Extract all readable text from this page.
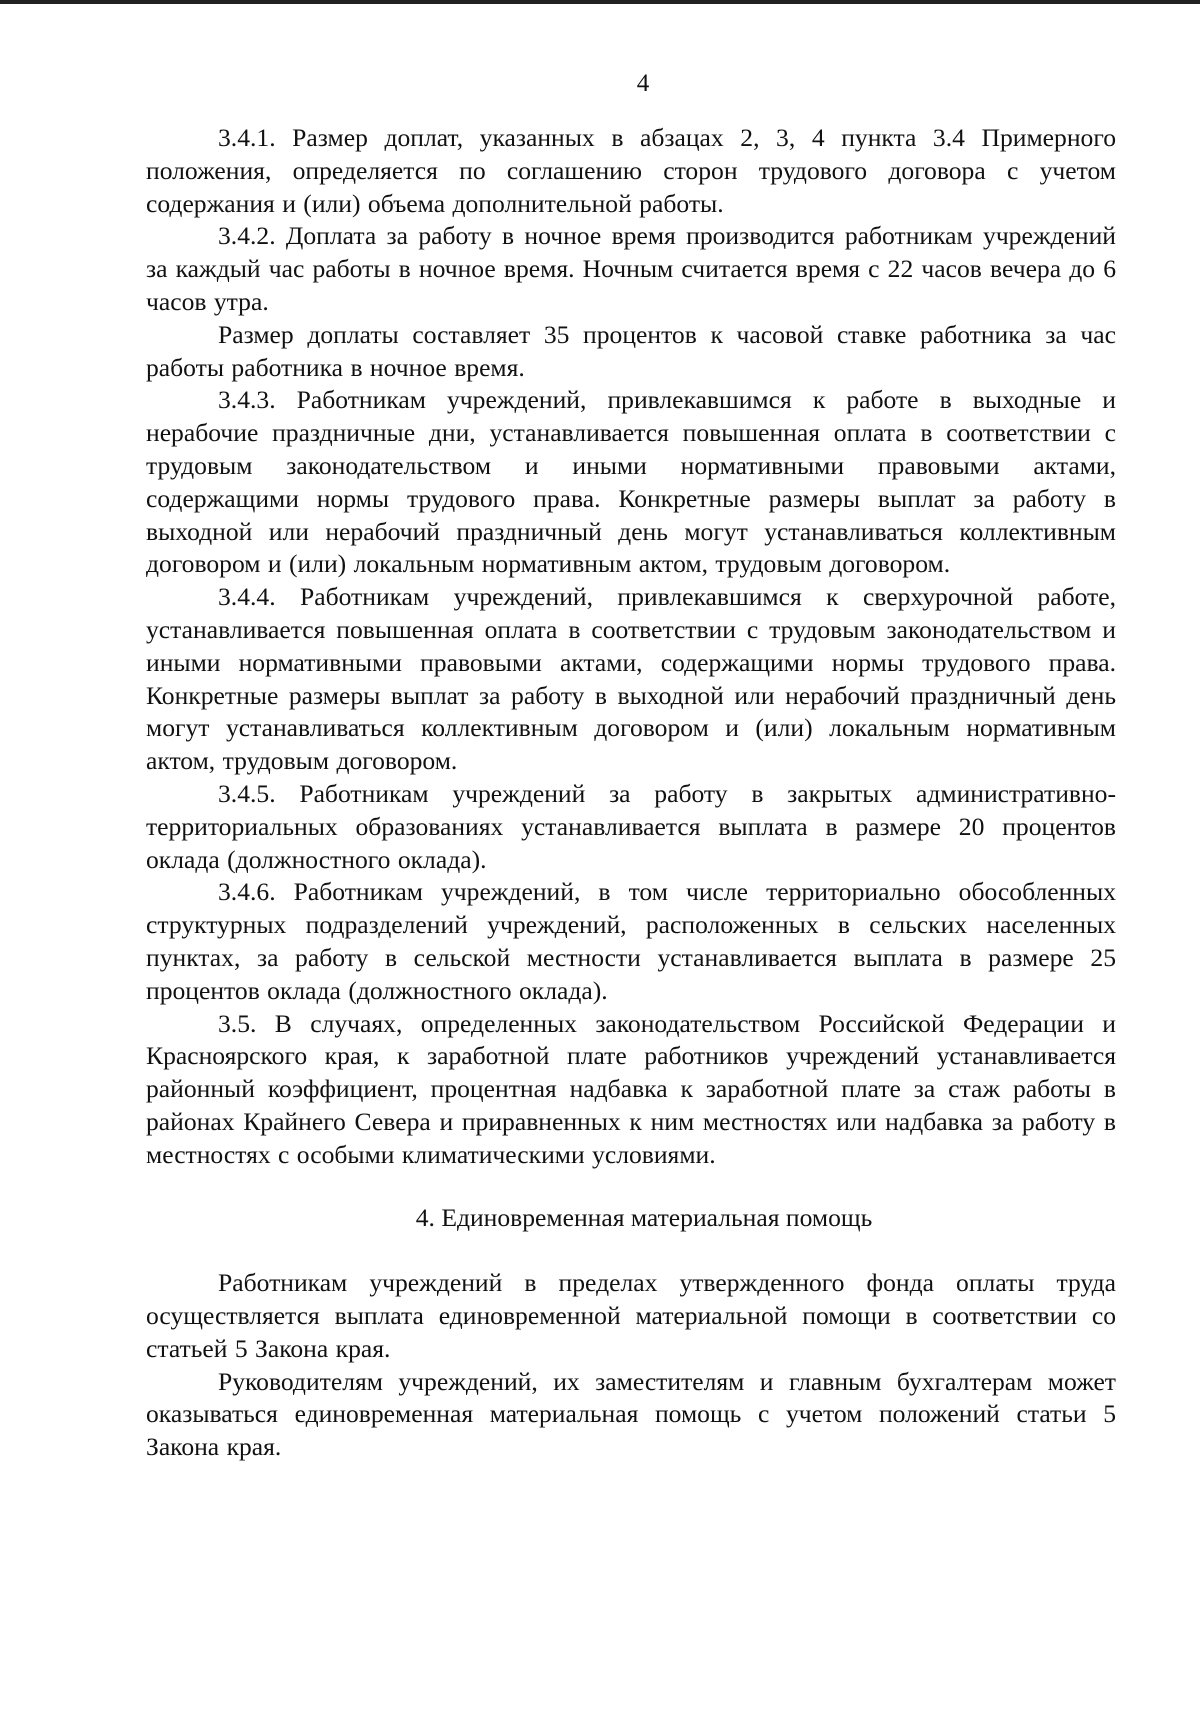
4

3.4.1. Размер доплат, указанных в абзацах 2, 3, 4 пункта 3.4 Примерного положения, определяется по соглашению сторон трудового договора с учетом содержания и (или) объема дополнительной работы.

3.4.2. Доплата за работу в ночное время производится работникам учреждений за каждый час работы в ночное время. Ночным считается время с 22 часов вечера до 6 часов утра.

Размер доплаты составляет 35 процентов к часовой ставке работника за час работы работника в ночное время.

3.4.3. Работникам учреждений, привлекавшимся к работе в выходные и нерабочие праздничные дни, устанавливается повышенная оплата в соответствии с трудовым законодательством и иными нормативными правовыми актами, содержащими нормы трудового права. Конкретные размеры выплат за работу в выходной или нерабочий праздничный день могут устанавливаться коллективным договором и (или) локальным нормативным актом, трудовым договором.

3.4.4. Работникам учреждений, привлекавшимся к сверхурочной работе, устанавливается повышенная оплата в соответствии с трудовым законодательством и иными нормативными правовыми актами, содержащими нормы трудового права. Конкретные размеры выплат за работу в выходной или нерабочий праздничный день могут устанавливаться коллективным договором и (или) локальным нормативным актом, трудовым договором.

3.4.5. Работникам учреждений за работу в закрытых административно-территориальных образованиях устанавливается выплата в размере 20 процентов оклада (должностного оклада).

3.4.6. Работникам учреждений, в том числе территориально обособленных структурных подразделений учреждений, расположенных в сельских населенных пунктах, за работу в сельской местности устанавливается выплата в размере 25 процентов оклада (должностного оклада).

3.5. В случаях, определенных законодательством Российской Федерации и Красноярского края, к заработной плате работников учреждений устанавливается районный коэффициент, процентная надбавка к заработной плате за стаж работы в районах Крайнего Севера и приравненных к ним местностях или надбавка за работу в местностях с особыми климатическими условиями.

4. Единовременная материальная помощь

Работникам учреждений в пределах утвержденного фонда оплаты труда осуществляется выплата единовременной материальной помощи в соответствии со статьей 5 Закона края.

Руководителям учреждений, их заместителям и главным бухгалтерам может оказываться единовременная материальная помощь с учетом положений статьи 5 Закона края.
